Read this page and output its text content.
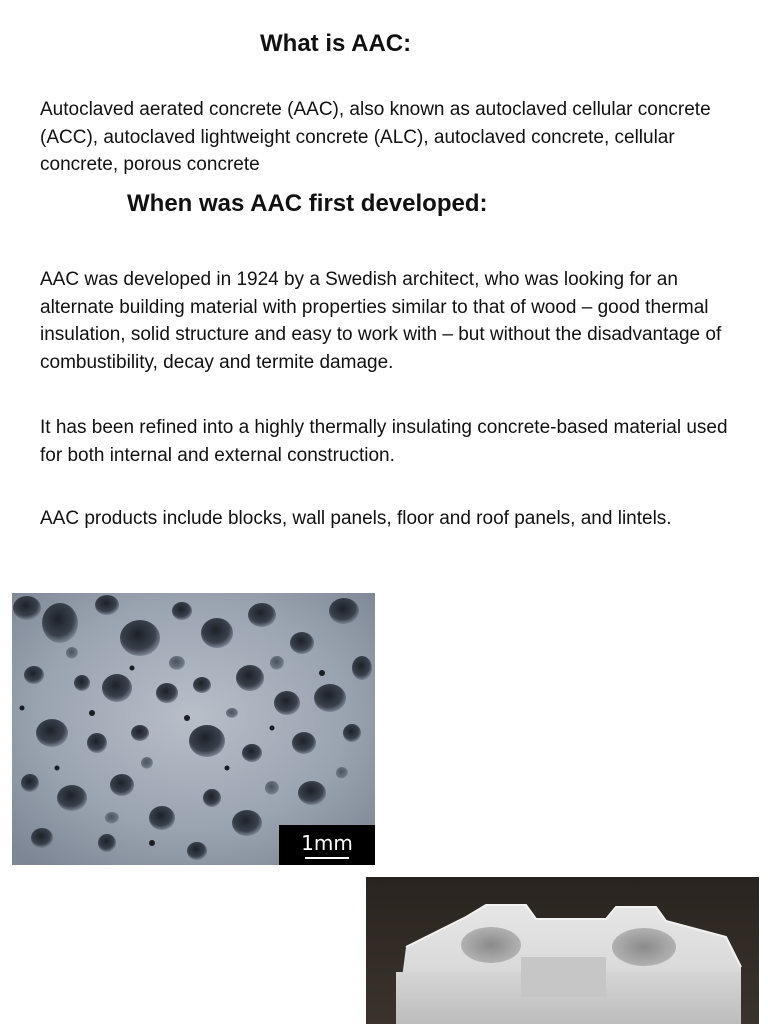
What is AAC:

Autoclaved aerated concrete (AAC), also known as autoclaved cellular concrete (ACC), autoclaved lightweight concrete (ALC), autoclaved concrete, cellular concrete, porous concrete

When was AAC first developed:

AAC was developed in 1924 by a Swedish architect, who was looking for an alternate building material with properties similar to that of wood – good thermal insulation, solid structure and easy to work with – but without the disadvantage of combustibility, decay and termite damage.

It has been refined into a highly thermally insulating concrete-based material used for both internal and external construction.

AAC products include blocks, wall panels, floor and roof panels, and lintels.

1mm
